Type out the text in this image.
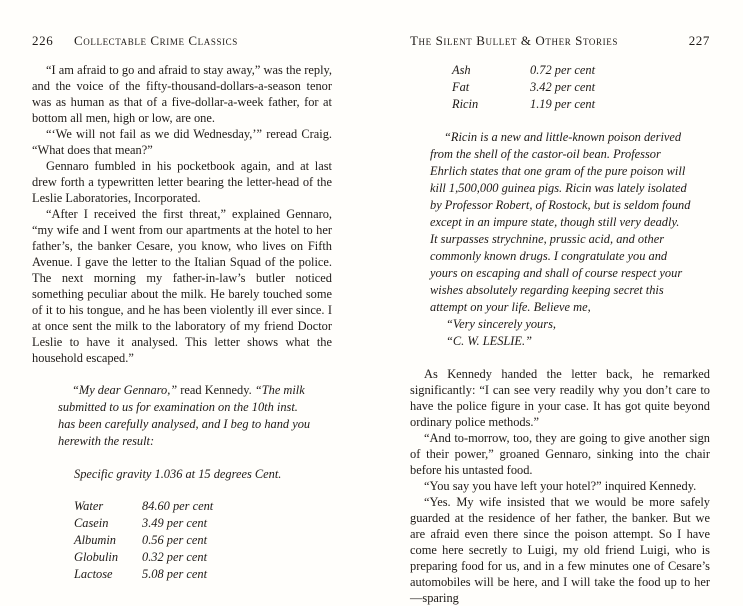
226 Collectable Crime Classics

“I am afraid to go and afraid to stay away,” was the reply, and the voice of the fifty-thousand-dollars-a-season tenor was as human as that of a five-dollar-a-week father, for at bottom all men, high or low, are one.

“‘We will not fail as we did Wednesday,’” reread Craig. “What does that mean?”

Gennaro fumbled in his pocketbook again, and at last drew forth a typewritten letter bearing the letter-head of the Leslie Laboratories, Incorporated.

“After I received the first threat,” explained Gennaro, “my wife and I went from our apartments at the hotel to her father’s, the banker Cesare, you know, who lives on Fifth Avenue. I gave the letter to the Italian Squad of the police. The next morning my father-in-law’s butler noticed something peculiar about the milk. He barely touched some of it to his tongue, and he has been violently ill ever since. I at once sent the milk to the laboratory of my friend Doctor Leslie to have it analysed. This letter shows what the household escaped.”

“My dear Gennaro,” read Kennedy. “The milk submitted to us for examination on the 10th inst. has been carefully analysed, and I beg to hand you herewith the result:
Specific gravity 1.036 at 15 degrees Cent.
Water	84.60 per cent
Casein	3.49 per cent
Albumin	0.56 per cent
Globulin	0.32 per cent
Lactose	5.08 per cent
The Silent Bullet & Other Stories	227
Ash	0.72 per cent
Fat	3.42 per cent
Ricin	1.19 per cent
“Ricin is a new and little-known poison derived
from the shell of the castor-oil bean. Professor
Ehrlich states that one gram of the pure poison will
kill 1,500,000 guinea pigs. Ricin was lately isolated
by Professor Robert, of Rostock, but is seldom found
except in an impure state, though still very deadly.
It surpasses strychnine, prussic acid, and other
commonly known drugs. I congratulate you and
yours on escaping and shall of course respect your
wishes absolutely regarding keeping secret this
attempt on your life. Believe me,
“Very sincerely yours,
“C. W. LESLIE.”

As Kennedy handed the letter back, he remarked significantly: “I can see very readily why you don’t care to have the police figure in your case. It has got quite beyond ordinary police methods.”

“And to-morrow, too, they are going to give another sign of their power,” groaned Gennaro, sinking into the chair before his untasted food.

“You say you have left your hotel?” inquired Kennedy.

“Yes. My wife insisted that we would be more safely guarded at the residence of her father, the banker. But we are afraid even there since the poison attempt. So I have come here secretly to Luigi, my old friend Luigi, who is preparing food for us, and in a few minutes one of Cesare’s automobiles will be here, and I will take the food up to her—sparing
